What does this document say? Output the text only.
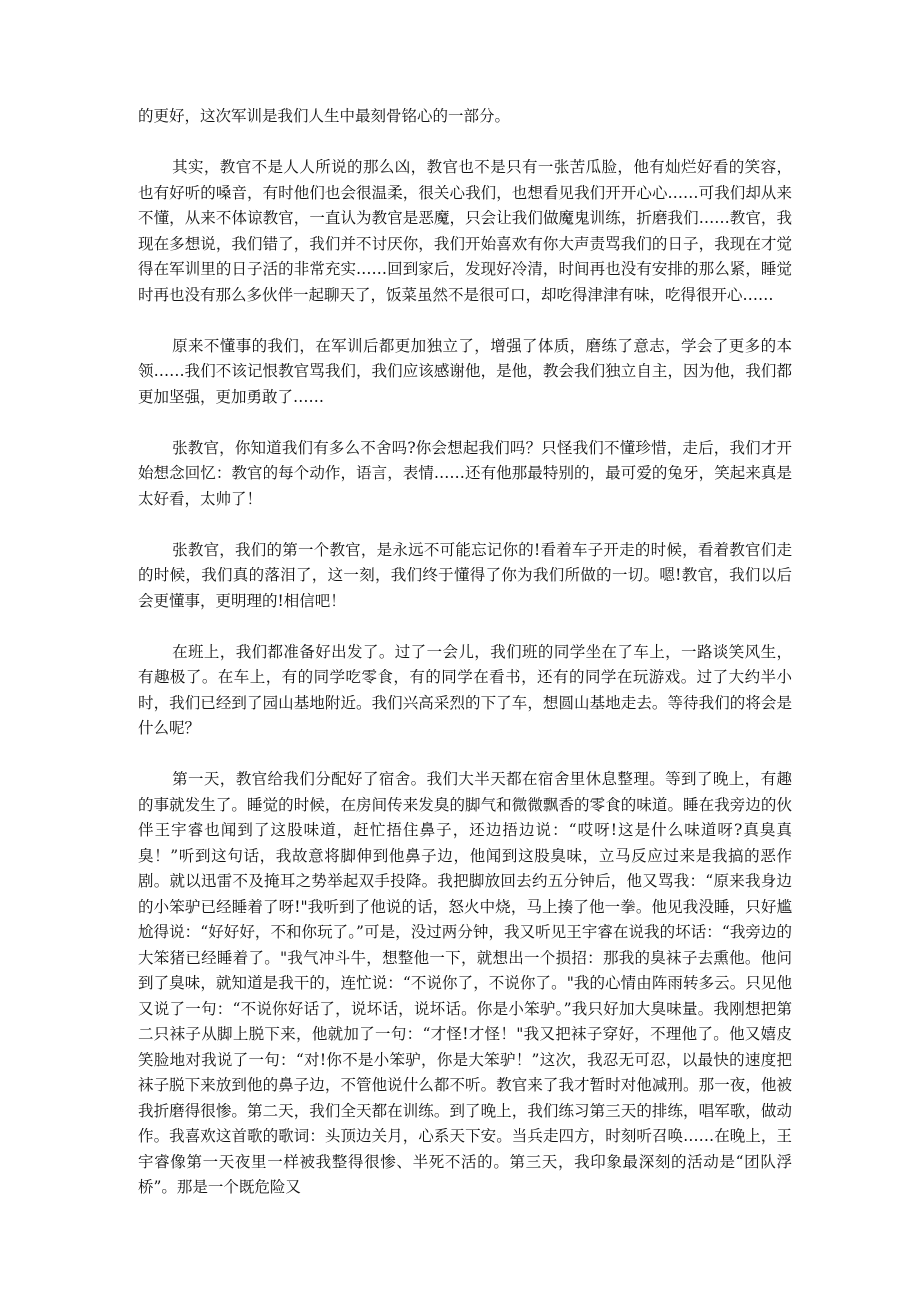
的更好，这次军训是我们人生中最刻骨铭心的一部分。

其实，教官不是人人所说的那么凶，教官也不是只有一张苦瓜脸，他有灿烂好看的笑容，也有好听的嗓音，有时他们也会很温柔，很关心我们，也想看见我们开开心心……可我们却从来不懂，从来不体谅教官，一直认为教官是恶魔，只会让我们做魔鬼训练，折磨我们……教官，我现在多想说，我们错了，我们并不讨厌你，我们开始喜欢有你大声责骂我们的日子，我现在才觉得在军训里的日子活的非常充实……回到家后，发现好冷清，时间再也没有安排的那么紧，睡觉时再也没有那么多伙伴一起聊天了，饭菜虽然不是很可口，却吃得津津有味，吃得很开心……

原来不懂事的我们，在军训后都更加独立了，增强了体质，磨练了意志，学会了更多的本领……我们不该记恨教官骂我们，我们应该感谢他，是他，教会我们独立自主，因为他，我们都更加坚强，更加勇敢了……

张教官，你知道我们有多么不舍吗?你会想起我们吗？只怪我们不懂珍惜，走后，我们才开始想念回忆：教官的每个动作，语言，表情……还有他那最特别的，最可爱的兔牙，笑起来真是太好看，太帅了！

张教官，我们的第一个教官，是永远不可能忘记你的!看着车子开走的时候，看着教官们走的时候，我们真的落泪了，这一刻，我们终于懂得了你为我们所做的一切。嗯!教官，我们以后会更懂事，更明理的!相信吧！

在班上，我们都准备好出发了。过了一会儿，我们班的同学坐在了车上，一路谈笑风生，有趣极了。在车上，有的同学吃零食，有的同学在看书，还有的同学在玩游戏。过了大约半小时，我们已经到了园山基地附近。我们兴高采烈的下了车，想圆山基地走去。等待我们的将会是什么呢？

第一天，教官给我们分配好了宿舍。我们大半天都在宿舍里休息整理。等到了晚上，有趣的事就发生了。睡觉的时候，在房间传来发臭的脚气和微微飘香的零食的味道。睡在我旁边的伙伴王宇睿也闻到了这股味道，赶忙捂住鼻子，还边捂边说：“哎呀!这是什么味道呀?真臭真臭！”听到这句话，我故意将脚伸到他鼻子边，他闻到这股臭味，立马反应过来是我搞的恶作剧。就以迅雷不及掩耳之势举起双手投降。我把脚放回去约五分钟后，他又骂我：“原来我身边的小笨驴已经睡着了呀!"我听到了他说的话，怒火中烧，马上揍了他一拳。他见我没睡，只好尴尬得说：“好好好，不和你玩了。”可是，没过两分钟，我又听见王宇睿在说我的坏话：“我旁边的大笨猪已经睡着了。"我气冲斗牛，想整他一下，就想出一个损招：那我的臭袜子去熏他。他问到了臭味，就知道是我干的，连忙说：“不说你了，不说你了。"我的心情由阵雨转多云。只见他又说了一句：“不说你好话了，说坏话，说坏话。你是小笨驴。”我只好加大臭味量。我刚想把第二只袜子从脚上脱下来，他就加了一句：“才怪!才怪！"我又把袜子穿好，不理他了。他又嬉皮笑脸地对我说了一句：“对!你不是小笨驴，你是大笨驴！”这次，我忍无可忍，以最快的速度把袜子脱下来放到他的鼻子边，不管他说什么都不听。教官来了我才暂时对他减刑。那一夜，他被我折磨得很惨。第二天，我们全天都在训练。到了晚上，我们练习第三天的排练，唱军歌，做动作。我喜欢这首歌的歌词：头顶边关月，心系天下安。当兵走四方，时刻听召唤……在晚上，王宇睿像第一天夜里一样被我整得很惨、半死不活的。第三天，我印象最深刻的活动是“团队浮桥”。那是一个既危险又
